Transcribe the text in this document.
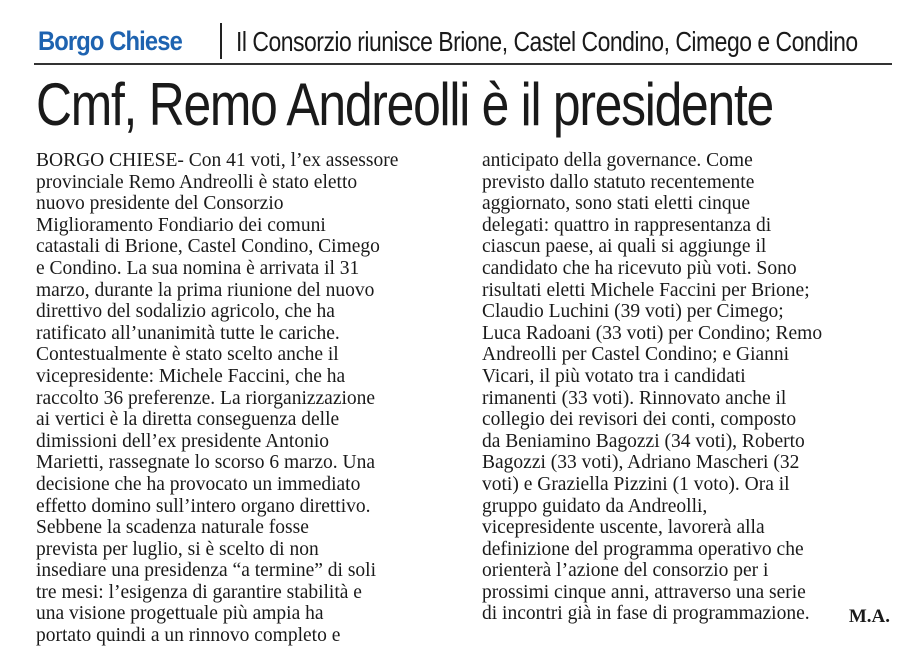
Borgo Chiese Il Consorzio riunisce Brione, Castel Condino, Cimego e Condino
Cmf, Remo Andreolli è il presidente
BORGO CHIESE- Con 41 voti, l’ex assessore
provinciale Remo Andreolli è stato eletto
nuovo presidente del Consorzio
Miglioramento Fondiario dei comuni
catastali di Brione, Castel Condino, Cimego
e Condino. La sua nomina è arrivata il 31
marzo, durante la prima riunione del nuovo
direttivo del sodalizio agricolo, che ha
ratificato all’unanimità tutte le cariche.
Contestualmente è stato scelto anche il
vicepresidente: Michele Faccini, che ha
raccolto 36 preferenze. La riorganizzazione
ai vertici è la diretta conseguenza delle
dimissioni dell’ex presidente Antonio
Marietti, rassegnate lo scorso 6 marzo. Una
decisione che ha provocato un immediato
effetto domino sull’intero organo direttivo.
Sebbene la scadenza naturale fosse
prevista per luglio, si è scelto di non
insediare una presidenza “a termine” di soli
tre mesi: l’esigenza di garantire stabilità e
una visione progettuale più ampia ha
portato quindi a un rinnovo completo e
anticipato della governance. Come
previsto dallo statuto recentemente
aggiornato, sono stati eletti cinque
delegati: quattro in rappresentanza di
ciascun paese, ai quali si aggiunge il
candidato che ha ricevuto più voti. Sono
risultati eletti Michele Faccini per Brione;
Claudio Luchini (39 voti) per Cimego;
Luca Radoani (33 voti) per Condino; Remo
Andreolli per Castel Condino; e Gianni
Vicari, il più votato tra i candidati
rimanenti (33 voti). Rinnovato anche il
collegio dei revisori dei conti, composto
da Beniamino Bagozzi (34 voti), Roberto
Bagozzi (33 voti), Adriano Mascheri (32
voti) e Graziella Pizzini (1 voto). Ora il
gruppo guidato da Andreolli,
vicepresidente uscente, lavorerà alla
definizione del programma operativo che
orienterà l’azione del consorzio per i
prossimi cinque anni, attraverso una serie
di incontri già in fase di programmazione.	M.A.
